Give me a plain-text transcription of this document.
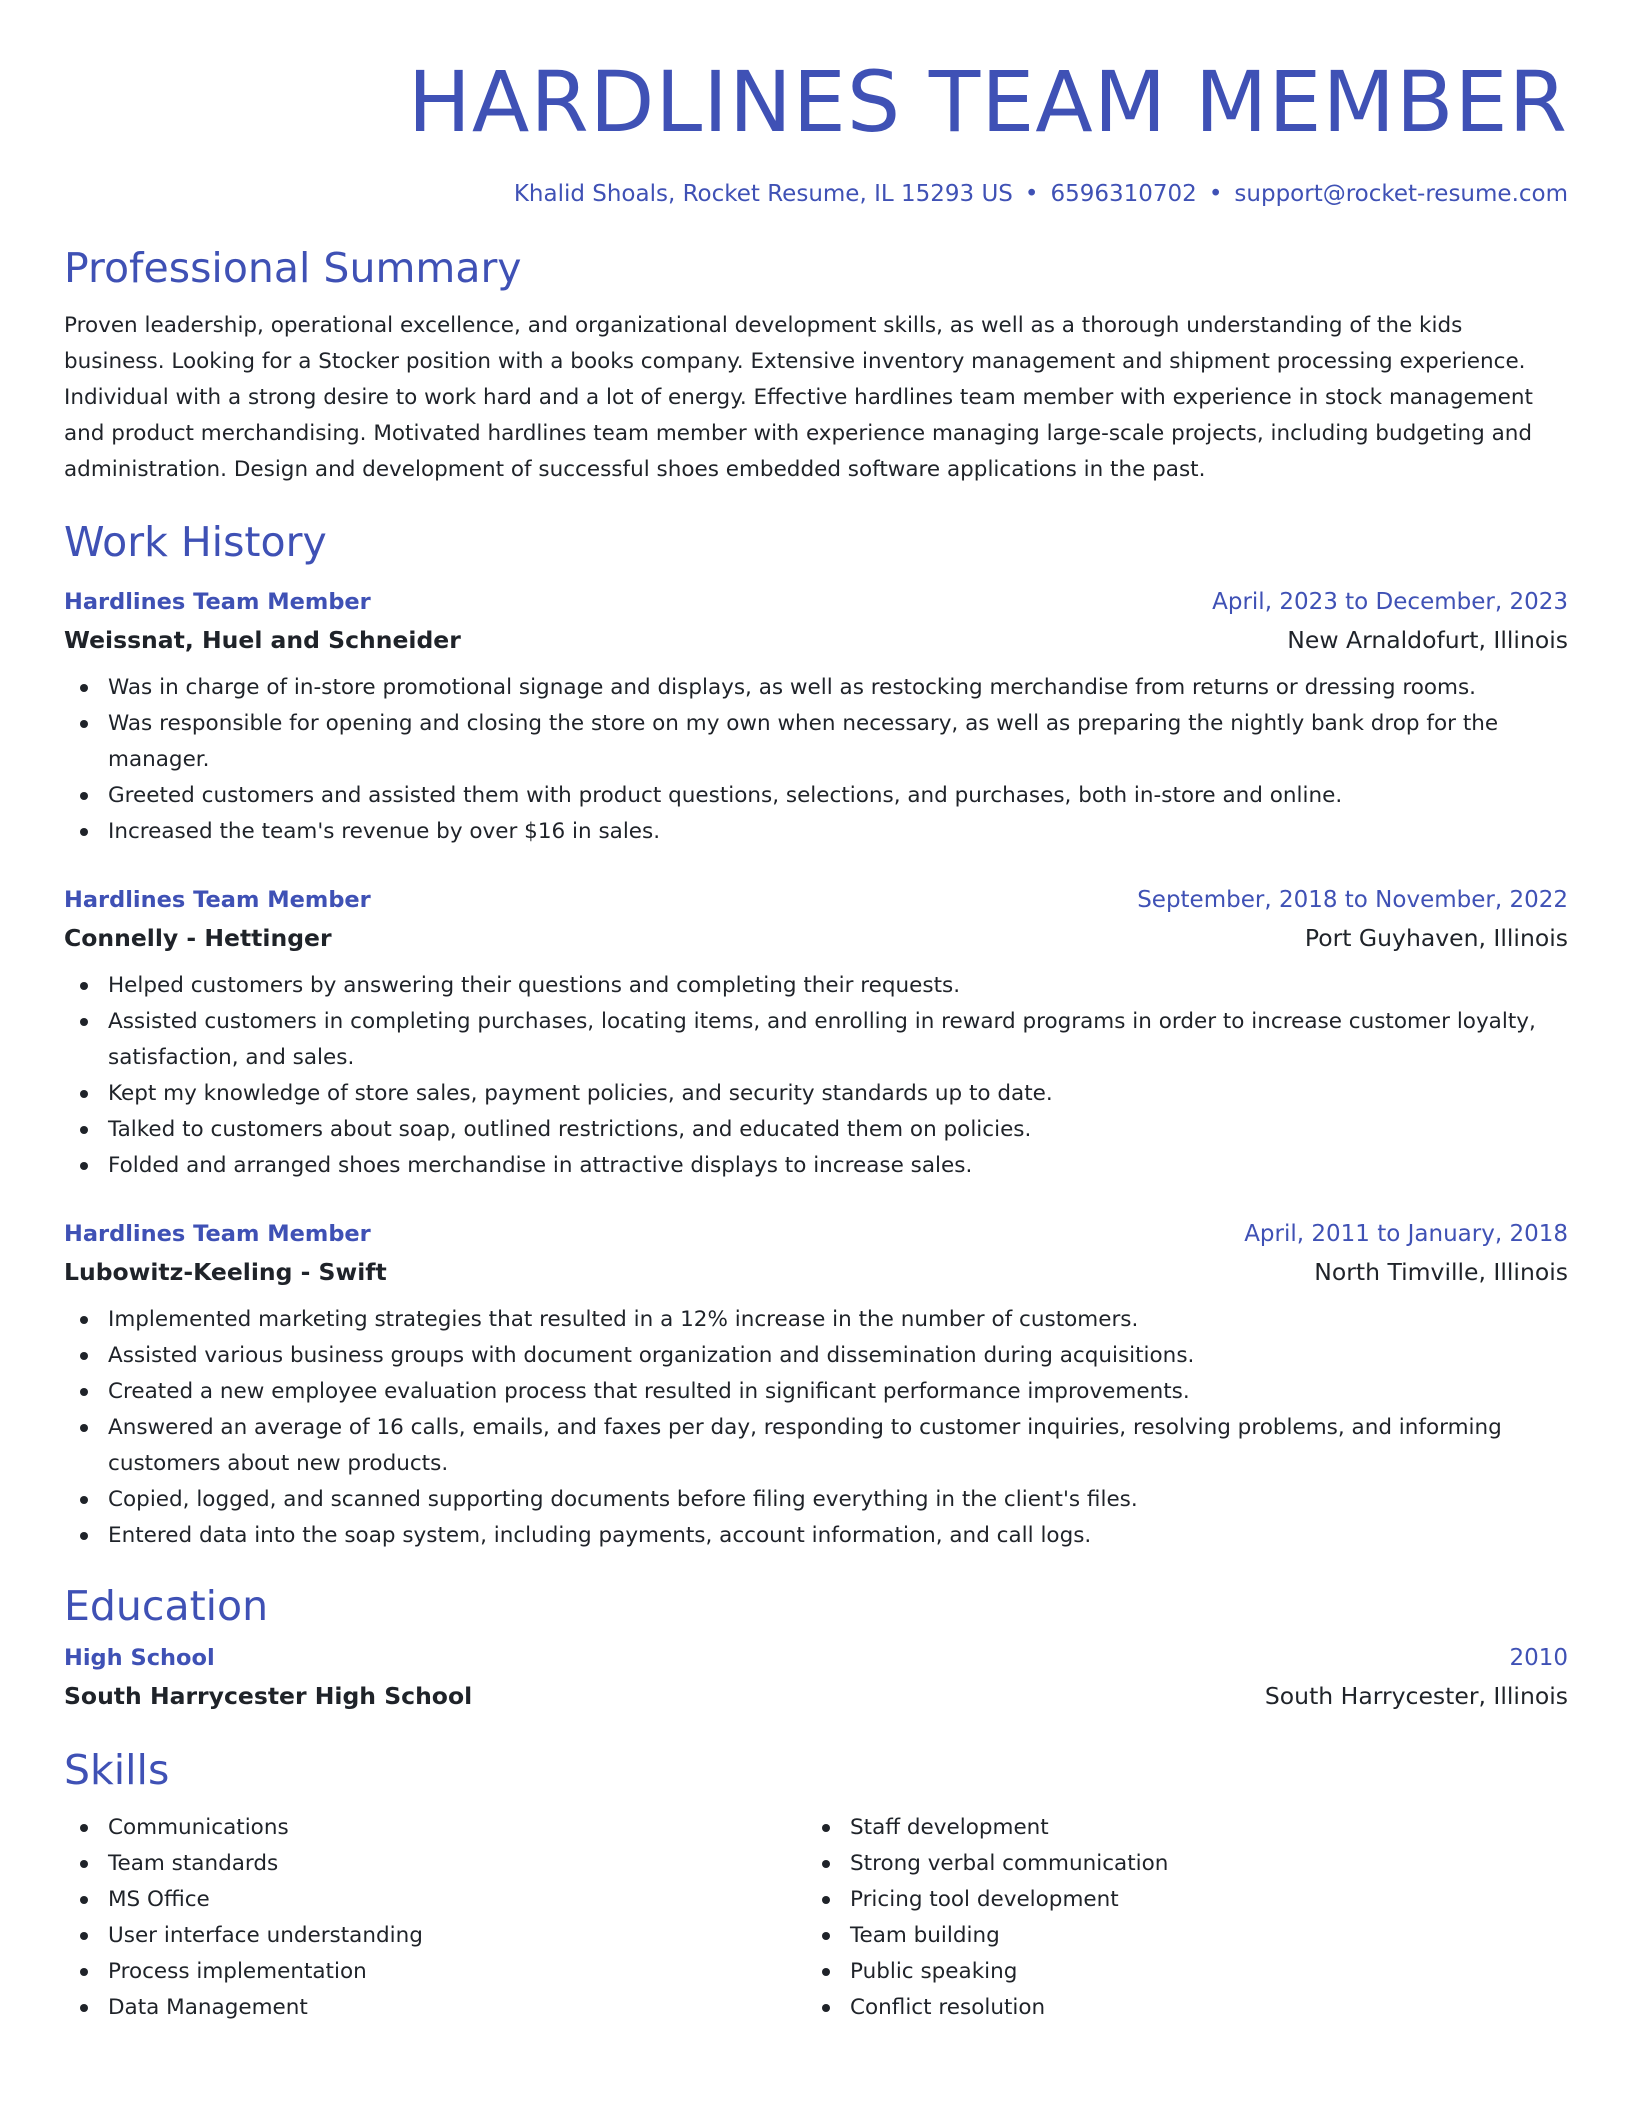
HARDLINES TEAM MEMBER
Khalid Shoals, Rocket Resume, IL 15293 US • 6596310702 • support@rocket-resume.com
Professional Summary
Proven leadership, operational excellence, and organizational development skills, as well as a thorough understanding of the kids business. Looking for a Stocker position with a books company. Extensive inventory management and shipment processing experience. Individual with a strong desire to work hard and a lot of energy. Effective hardlines team member with experience in stock management and product merchandising. Motivated hardlines team member with experience managing large-scale projects, including budgeting and administration. Design and development of successful shoes embedded software applications in the past.
Work History
Hardlines Team Member	April, 2023 to December, 2023
Weissnat, Huel and Schneider	New Arnaldofurt, Illinois
Was in charge of in-store promotional signage and displays, as well as restocking merchandise from returns or dressing rooms.
Was responsible for opening and closing the store on my own when necessary, as well as preparing the nightly bank drop for the manager.
Greeted customers and assisted them with product questions, selections, and purchases, both in-store and online.
Increased the team's revenue by over $16 in sales.
Hardlines Team Member	September, 2018 to November, 2022
Connelly - Hettinger	Port Guyhaven, Illinois
Helped customers by answering their questions and completing their requests.
Assisted customers in completing purchases, locating items, and enrolling in reward programs in order to increase customer loyalty, satisfaction, and sales.
Kept my knowledge of store sales, payment policies, and security standards up to date.
Talked to customers about soap, outlined restrictions, and educated them on policies.
Folded and arranged shoes merchandise in attractive displays to increase sales.
Hardlines Team Member	April, 2011 to January, 2018
Lubowitz-Keeling - Swift	North Timville, Illinois
Implemented marketing strategies that resulted in a 12% increase in the number of customers.
Assisted various business groups with document organization and dissemination during acquisitions.
Created a new employee evaluation process that resulted in significant performance improvements.
Answered an average of 16 calls, emails, and faxes per day, responding to customer inquiries, resolving problems, and informing customers about new products.
Copied, logged, and scanned supporting documents before filing everything in the client's files.
Entered data into the soap system, including payments, account information, and call logs.
Education
High School	2010
South Harrycester High School	South Harrycester, Illinois
Skills
Communications
Team standards
MS Office
User interface understanding
Process implementation
Data Management
Staff development
Strong verbal communication
Pricing tool development
Team building
Public speaking
Conflict resolution
